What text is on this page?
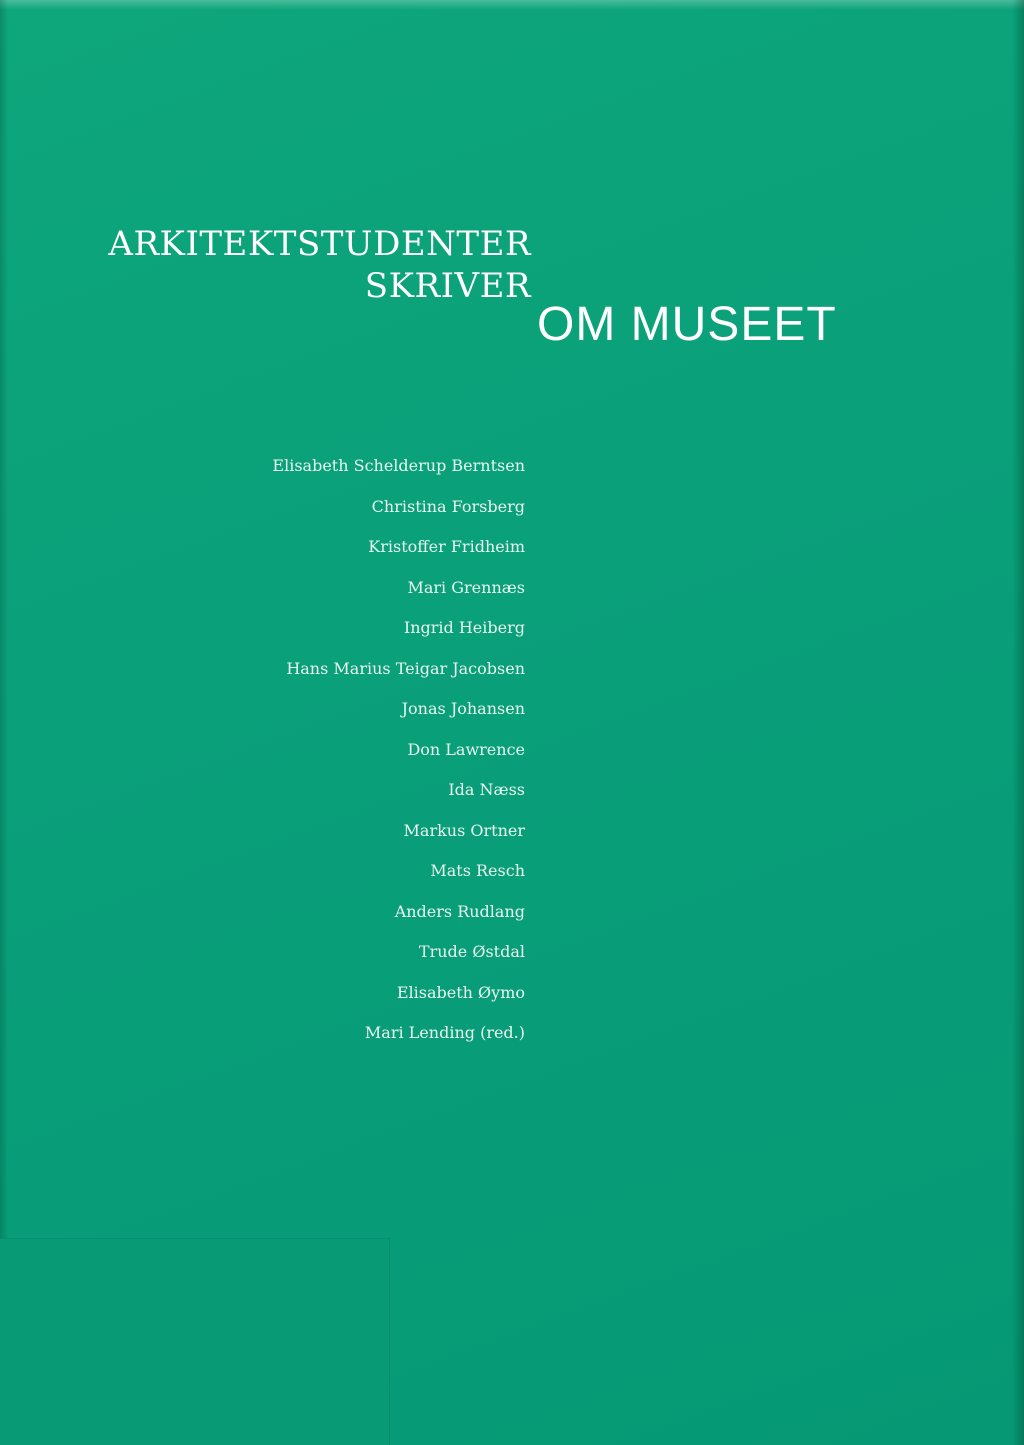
ARKITEKTSTUDENTER
SKRIVER
OM MUSEET
Elisabeth Schelderup Berntsen
Christina Forsberg
Kristoffer Fridheim
Mari Grennæs
Ingrid Heiberg
Hans Marius Teigar Jacobsen
Jonas Johansen
Don Lawrence
Ida Næss
Markus Ortner
Mats Resch
Anders Rudlang
Trude Østdal
Elisabeth Øymo
Mari Lending (red.)
